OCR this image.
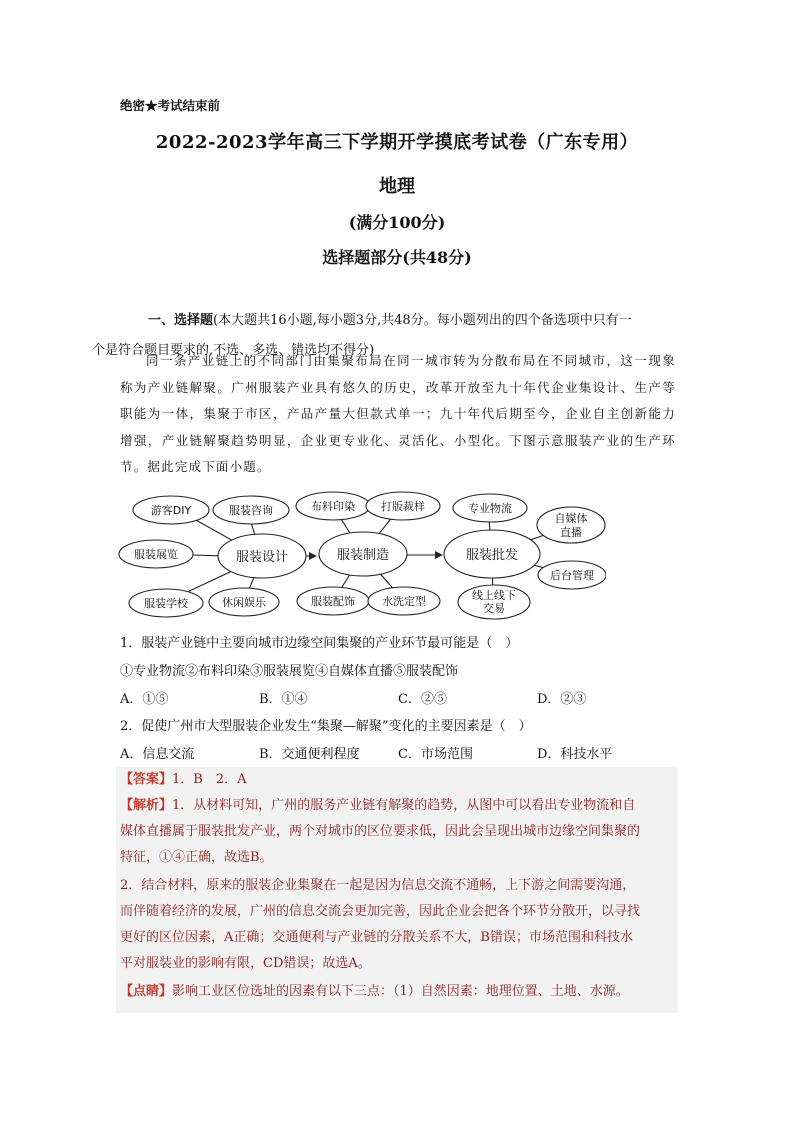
绝密★考试结束前
2022-2023学年高三下学期开学摸底考试卷（广东专用）
地理
(满分100分)
选择题部分(共48分)
一、选择题(本大题共16小题,每小题3分,共48分。每小题列出的四个备选项中只有一
个是符合题目要求的,不选、多选、错选均不得分)
同一条产业链上的不同部门由集聚布局在同一城市转为分散布局在不同城市，这一现象称为产业链解聚。广州服装产业具有悠久的历史，改革开放至九十年代企业集设计、生产等职能为一体，集聚于市区，产品产量大但款式单一；九十年代后期至今，企业自主创新能力增强，产业链解聚趋势明显，企业更专业化、灵活化、小型化。下图示意服装产业的生产环节。据此完成下面小题。
游客DIY	服装咨询
服装展览
服装学校	休闲娱乐
服装设计
布料印染 打版裁样
服装制造
服装配饰 水洗定型
服装批发
专业物流
自媒体
直播
后台管理
线上线下
交易
1．服装产业链中主要向城市边缘空间集聚的产业环节最可能是（　）
①专业物流②布料印染③服装展览④自媒体直播⑤服装配饰
A．①⑤	B．①④	C．②⑤	D．②③
2．促使广州市大型服装企业发生“集聚—解聚”变化的主要因素是（　）
A．信息交流	B．交通便利程度	C．市场范围	D．科技水平
【答案】1．B　2．A
【解析】1．从材料可知，广州的服务产业链有解聚的趋势，从图中可以看出专业物流和自
媒体直播属于服装批发产业，两个对城市的区位要求低，因此会呈现出城市边缘空间集聚的
特征，①④正确，故选B。
2．结合材料，原来的服装企业集聚在一起是因为信息交流不通畅，上下游之间需要沟通，
而伴随着经济的发展，广州的信息交流会更加完善，因此企业会把各个环节分散开，以寻找
更好的区位因素，A正确；交通便利与产业链的分散关系不大，B错误；市场范围和科技水
平对服装业的影响有限，CD错误；故选A。
【点睛】影响工业区位选址的因素有以下三点：（1）自然因素：地理位置、土地、水源。
